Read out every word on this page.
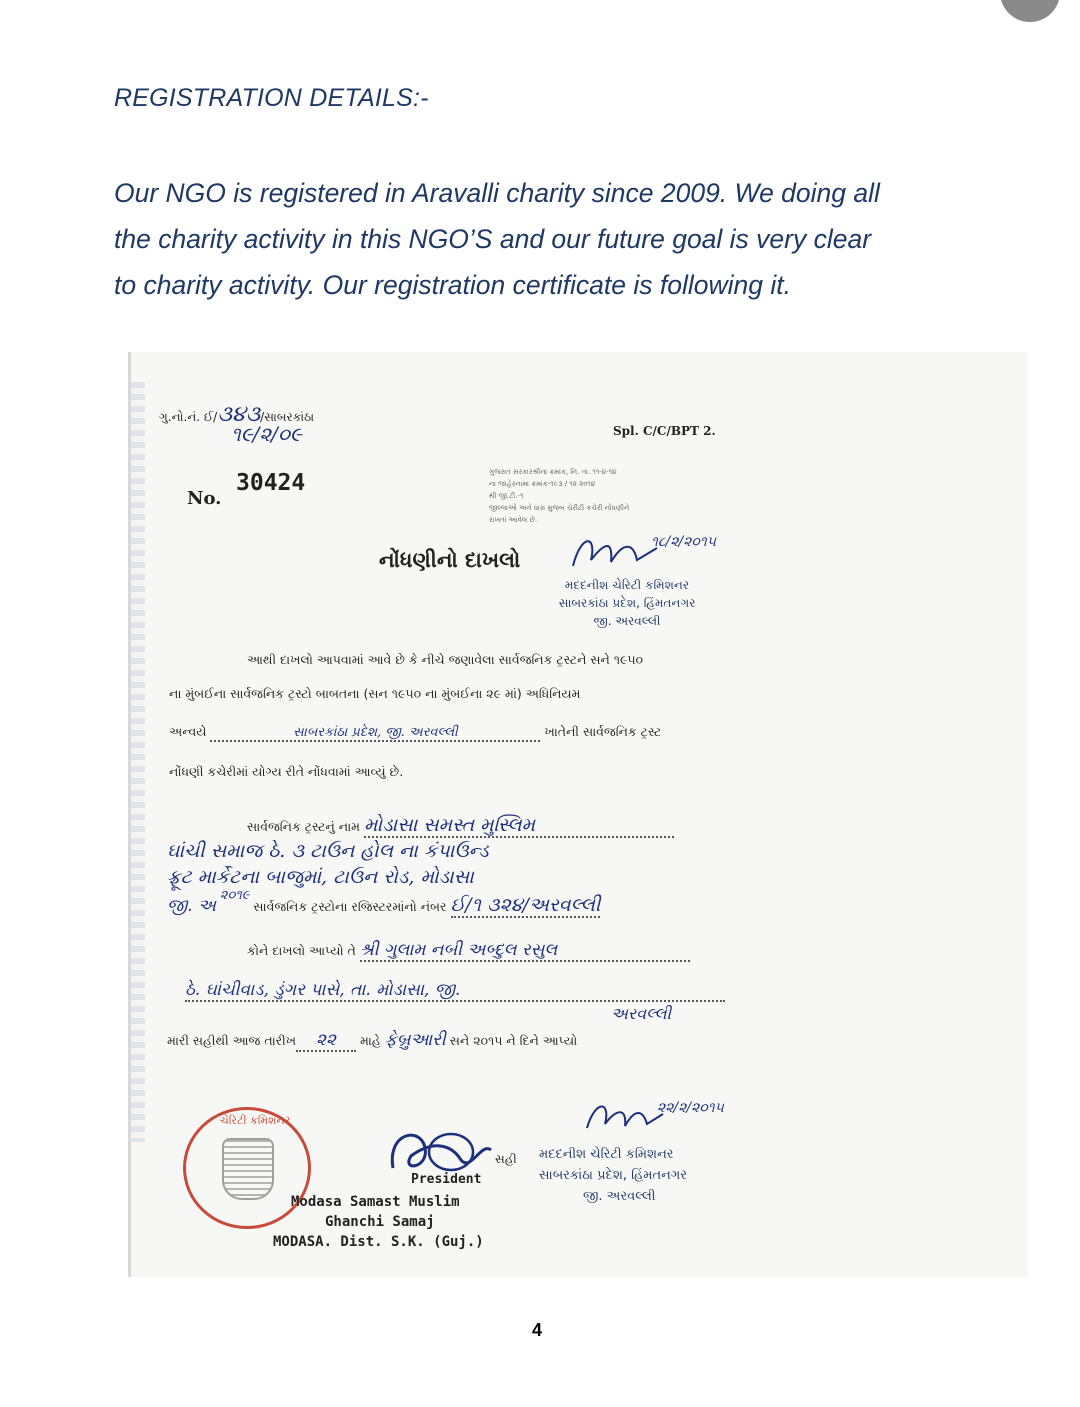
REGISTRATION DETAILS:-
Our NGO is registered in Aravalli charity since 2009. We doing all
the charity activity in this NGO’S and our future goal is very clear
to charity activity. Our registration certificate is following it.
ગુ.નો.નં. ઈ/૩૪૩/સાબરકાંઠા
૧૯/૨/૦૯	Spl. C/C/BPT 2.
No.
30424	ગુજરાત સરકારશ્રીના ક્રમાંક, નિ. તા. ૧૧-૪-૧૪
ના જાહેરનામા ક્રમાંક-૧૯૩ / ૧૨ ૨૦૧૪
થી જી.ટી.-૧
જીલ્લાઓ અને ધારા મુજબ ચેરીટી કચેરી નોંધણીને
રાખતાં આવેલ છે.
નોંધણીનો દાખલો
૧૮/૨/૨૦૧૫
મદદનીશ ચેરિટી કમિશનર
સાબરકાંઠા પ્રદેશ, હિંમતનગર
જી. અરવલ્લી
આથી દાખલો આપવામાં આવે છે કે નીચે જણાવેલા સાર્વજનિક ટ્રસ્ટને સને ૧૯૫૦
ના મુંબઈના સાર્વજનિક ટ્રસ્ટો બાબતના (સન ૧૯૫૦ ના મુંબઈના ૨૯ માં) અધિનિયમ
અન્વયે	સાબરકાંઠા પ્રદેશ, જી. અરવલ્લી	ખાતેની સાર્વજનિક ટ્રસ્ટ
નોંધણી કચેરીમાં યોગ્ય રીતે નોંધવામાં આવ્યું છે.
સાર્વજનિક ટ્રસ્ટનું નામ મોડાસા સમસ્ત મુસ્લિમ
ઘાંચી સમાજ ઠે. ૩ ટાઉન હોલ ના કંપાઉન્ડ
ફ્રૂટ માર્કેટના બાજુમાં, ટાઉન રોડ, મોડાસા
જી. અ ૨૦૧૯ સાર્વજનિક ટ્રસ્ટોના રજિસ્ટરમાંનો નંબર ઈ/૧ ૩૨૪/અરવલ્લી
કોને દાખલો આપ્યો તે શ્રી ગુલામ નબી અબ્દુલ રસુલ
ઠે. ઘાંચીવાડ, ડુંગર પાસે, તા. મોડાસા, જી.
અરવલ્લી
મારી સહીથી આજ તારીખ ૨૨ માહે ફેબ્રુઆરી સને ૨૦૧૫ ને દિને આપ્યો
ચેરિટી કમિશનર
President
Modasa Samast Muslim
Ghanchi Samaj
MODASA. Dist. S.K. (Guj.)
સહી
૨૨/૨/૨૦૧૫
મદદનીશ ચેરિટી કમિશનર
સાબરકાંઠા પ્રદેશ, હિંમતનગર
જી. અરવલ્લી
4
